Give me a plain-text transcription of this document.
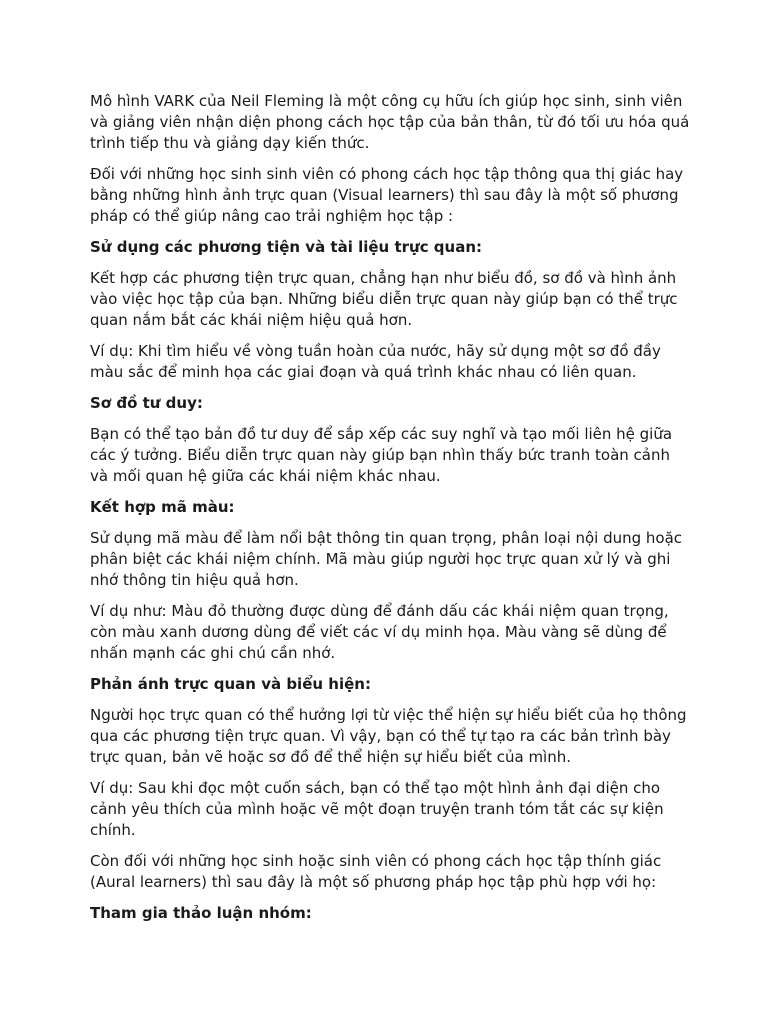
Mô hình VARK của Neil Fleming là một công cụ hữu ích giúp học sinh, sinh viên và giảng viên nhận diện phong cách học tập của bản thân, từ đó tối ưu hóa quá trình tiếp thu và giảng dạy kiến thức.

Đối với những học sinh sinh viên có phong cách học tập thông qua thị giác hay bằng những hình ảnh trực quan (Visual learners) thì sau đây là một số phương pháp có thể giúp nâng cao trải nghiệm học tập :

Sử dụng các phương tiện và tài liệu trực quan:

Kết hợp các phương tiện trực quan, chẳng hạn như biểu đồ, sơ đồ và hình ảnh vào việc học tập của bạn. Những biểu diễn trực quan này giúp bạn có thể trực quan nắm bắt các khái niệm hiệu quả hơn.

Ví dụ: Khi tìm hiểu về vòng tuần hoàn của nước, hãy sử dụng một sơ đồ đầy màu sắc để minh họa các giai đoạn và quá trình khác nhau có liên quan.

Sơ đồ tư duy:

Bạn có thể tạo bản đồ tư duy để sắp xếp các suy nghĩ và tạo mối liên hệ giữa các ý tưởng. Biểu diễn trực quan này giúp bạn nhìn thấy bức tranh toàn cảnh và mối quan hệ giữa các khái niệm khác nhau.

Kết hợp mã màu:

Sử dụng mã màu để làm nổi bật thông tin quan trọng, phân loại nội dung hoặc phân biệt các khái niệm chính. Mã màu giúp người học trực quan xử lý và ghi nhớ thông tin hiệu quả hơn.

Ví dụ như: Màu đỏ thường được dùng để đánh dấu các khái niệm quan trọng, còn màu xanh dương dùng để viết các ví dụ minh họa. Màu vàng sẽ dùng để nhấn mạnh các ghi chú cần nhớ.

Phản ánh trực quan và biểu hiện:

Người học trực quan có thể hưởng lợi từ việc thể hiện sự hiểu biết của họ thông qua các phương tiện trực quan. Vì vậy, bạn có thể tự tạo ra các bản trình bày trực quan, bản vẽ hoặc sơ đồ để thể hiện sự hiểu biết của mình.

Ví dụ: Sau khi đọc một cuốn sách, bạn có thể tạo một hình ảnh đại diện cho cảnh yêu thích của mình hoặc vẽ một đoạn truyện tranh tóm tắt các sự kiện chính.

Còn đối với những học sinh hoặc sinh viên có phong cách học tập thính giác (Aural learners) thì sau đây là một số phương pháp học tập phù hợp với họ:

Tham gia thảo luận nhóm:
